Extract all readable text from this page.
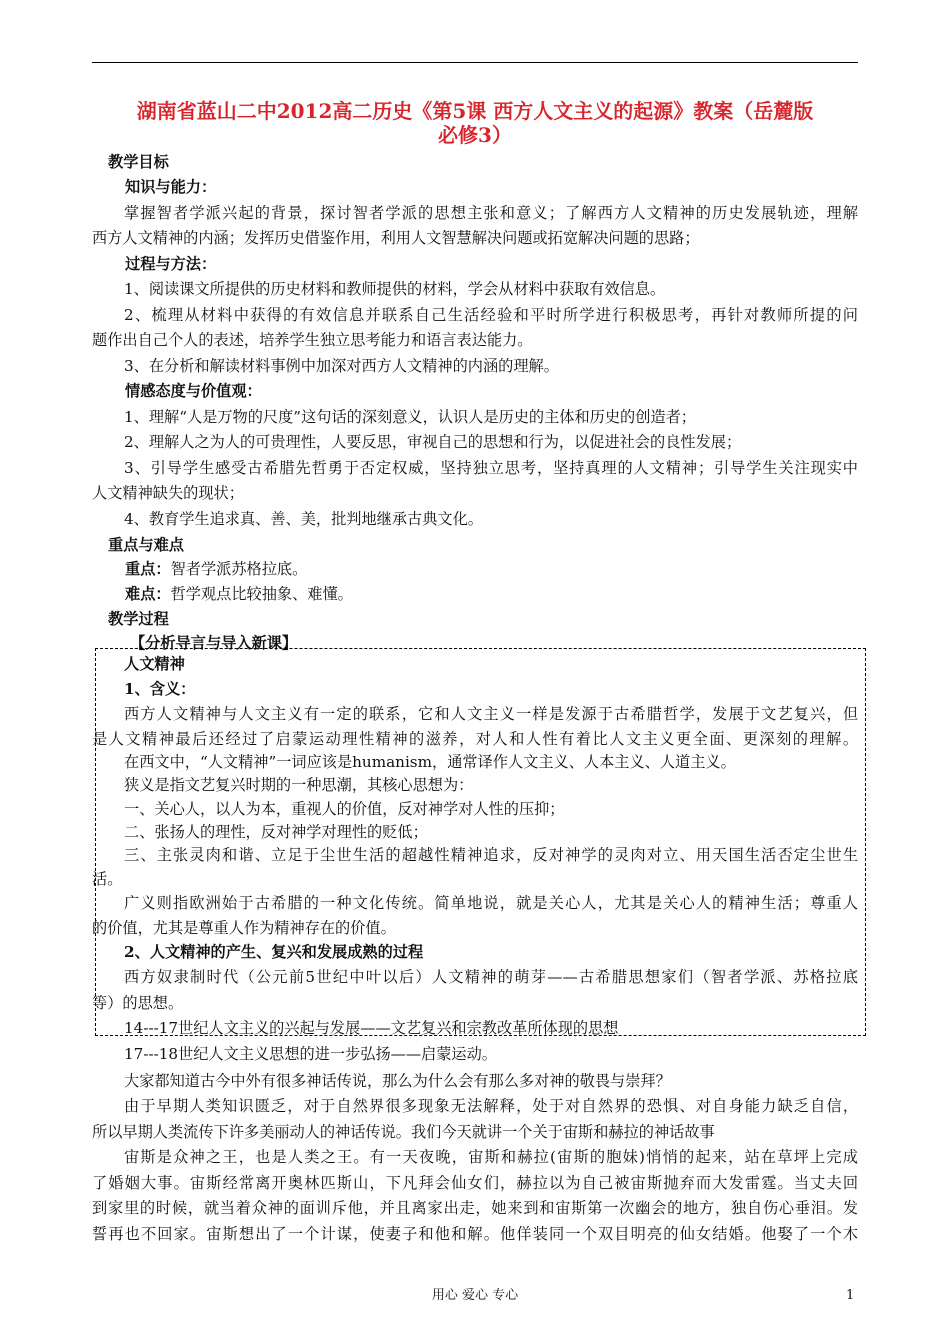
湖南省蓝山二中2012高二历史《第5课 西方人文主义的起源》教案（岳麓版
必修3）
教学目标
知识与能力：
掌握智者学派兴起的背景，探讨智者学派的思想主张和意义；了解西方人文精神的历史发展轨迹，理解
西方人文精神的内涵；发挥历史借鉴作用，利用人文智慧解决问题或拓宽解决问题的思路；
过程与方法：
1、阅读课文所提供的历史材料和教师提供的材料，学会从材料中获取有效信息。
2、梳理从材料中获得的有效信息并联系自己生活经验和平时所学进行积极思考，再针对教师所提的问
题作出自己个人的表述，培养学生独立思考能力和语言表达能力。
3、在分析和解读材料事例中加深对西方人文精神的内涵的理解。
情感态度与价值观：
1、理解“人是万物的尺度”这句话的深刻意义，认识人是历史的主体和历史的创造者；
2、理解人之为人的可贵理性，人要反思，审视自己的思想和行为，以促进社会的良性发展；
3、引导学生感受古希腊先哲勇于否定权威，坚持独立思考，坚持真理的人文精神；引导学生关注现实中
人文精神缺失的现状；
4、教育学生追求真、善、美，批判地继承古典文化。
重点与难点
重点：智者学派苏格拉底。
难点：哲学观点比较抽象、难懂。
教学过程
【分析导言与导入新课】
人文精神
1、含义：
西方人文精神与人文主义有一定的联系，它和人文主义一样是发源于古希腊哲学，发展于文艺复兴，但
是人文精神最后还经过了启蒙运动理性精神的滋养，对人和人性有着比人文主义更全面、更深刻的理解。
在西文中，“人文精神”一词应该是humanism，通常译作人文主义、人本主义、人道主义。
狭义是指文艺复兴时期的一种思潮，其核心思想为：
一、关心人，以人为本，重视人的价值，反对神学对人性的压抑；
二、张扬人的理性，反对神学对理性的贬低；
三、主张灵肉和谐、立足于尘世生活的超越性精神追求，反对神学的灵肉对立、用天国生活否定尘世生
活。
广义则指欧洲始于古希腊的一种文化传统。简单地说，就是关心人，尤其是关心人的精神生活；尊重人
的价值，尤其是尊重人作为精神存在的价值。
2、人文精神的产生、复兴和发展成熟的过程
西方奴隶制时代（公元前5世纪中叶以后）人文精神的萌芽——古希腊思想家们（智者学派、苏格拉底
等）的思想。
14---17世纪人文主义的兴起与发展——文艺复兴和宗教改革所体现的思想
17---18世纪人文主义思想的进一步弘扬——启蒙运动。
大家都知道古今中外有很多神话传说，那么为什么会有那么多对神的敬畏与崇拜？
由于早期人类知识匮乏，对于自然界很多现象无法解释，处于对自然界的恐惧、对自身能力缺乏自信，
所以早期人类流传下许多美丽动人的神话传说。我们今天就讲一个关于宙斯和赫拉的神话故事
宙斯是众神之王，也是人类之王。有一天夜晚，宙斯和赫拉(宙斯的胞妹)悄悄的起来，站在草坪上完成
了婚姻大事。宙斯经常离开奥林匹斯山，下凡拜会仙女们，赫拉以为自己被宙斯抛弃而大发雷霆。当丈夫回
到家里的时候，就当着众神的面训斥他，并且离家出走，她来到和宙斯第一次幽会的地方，独自伤心垂泪。发
誓再也不回家。宙斯想出了一个计谋，使妻子和他和解。他佯装同一个双目明亮的仙女结婚。他娶了一个木
用心 爱心 专心	1
